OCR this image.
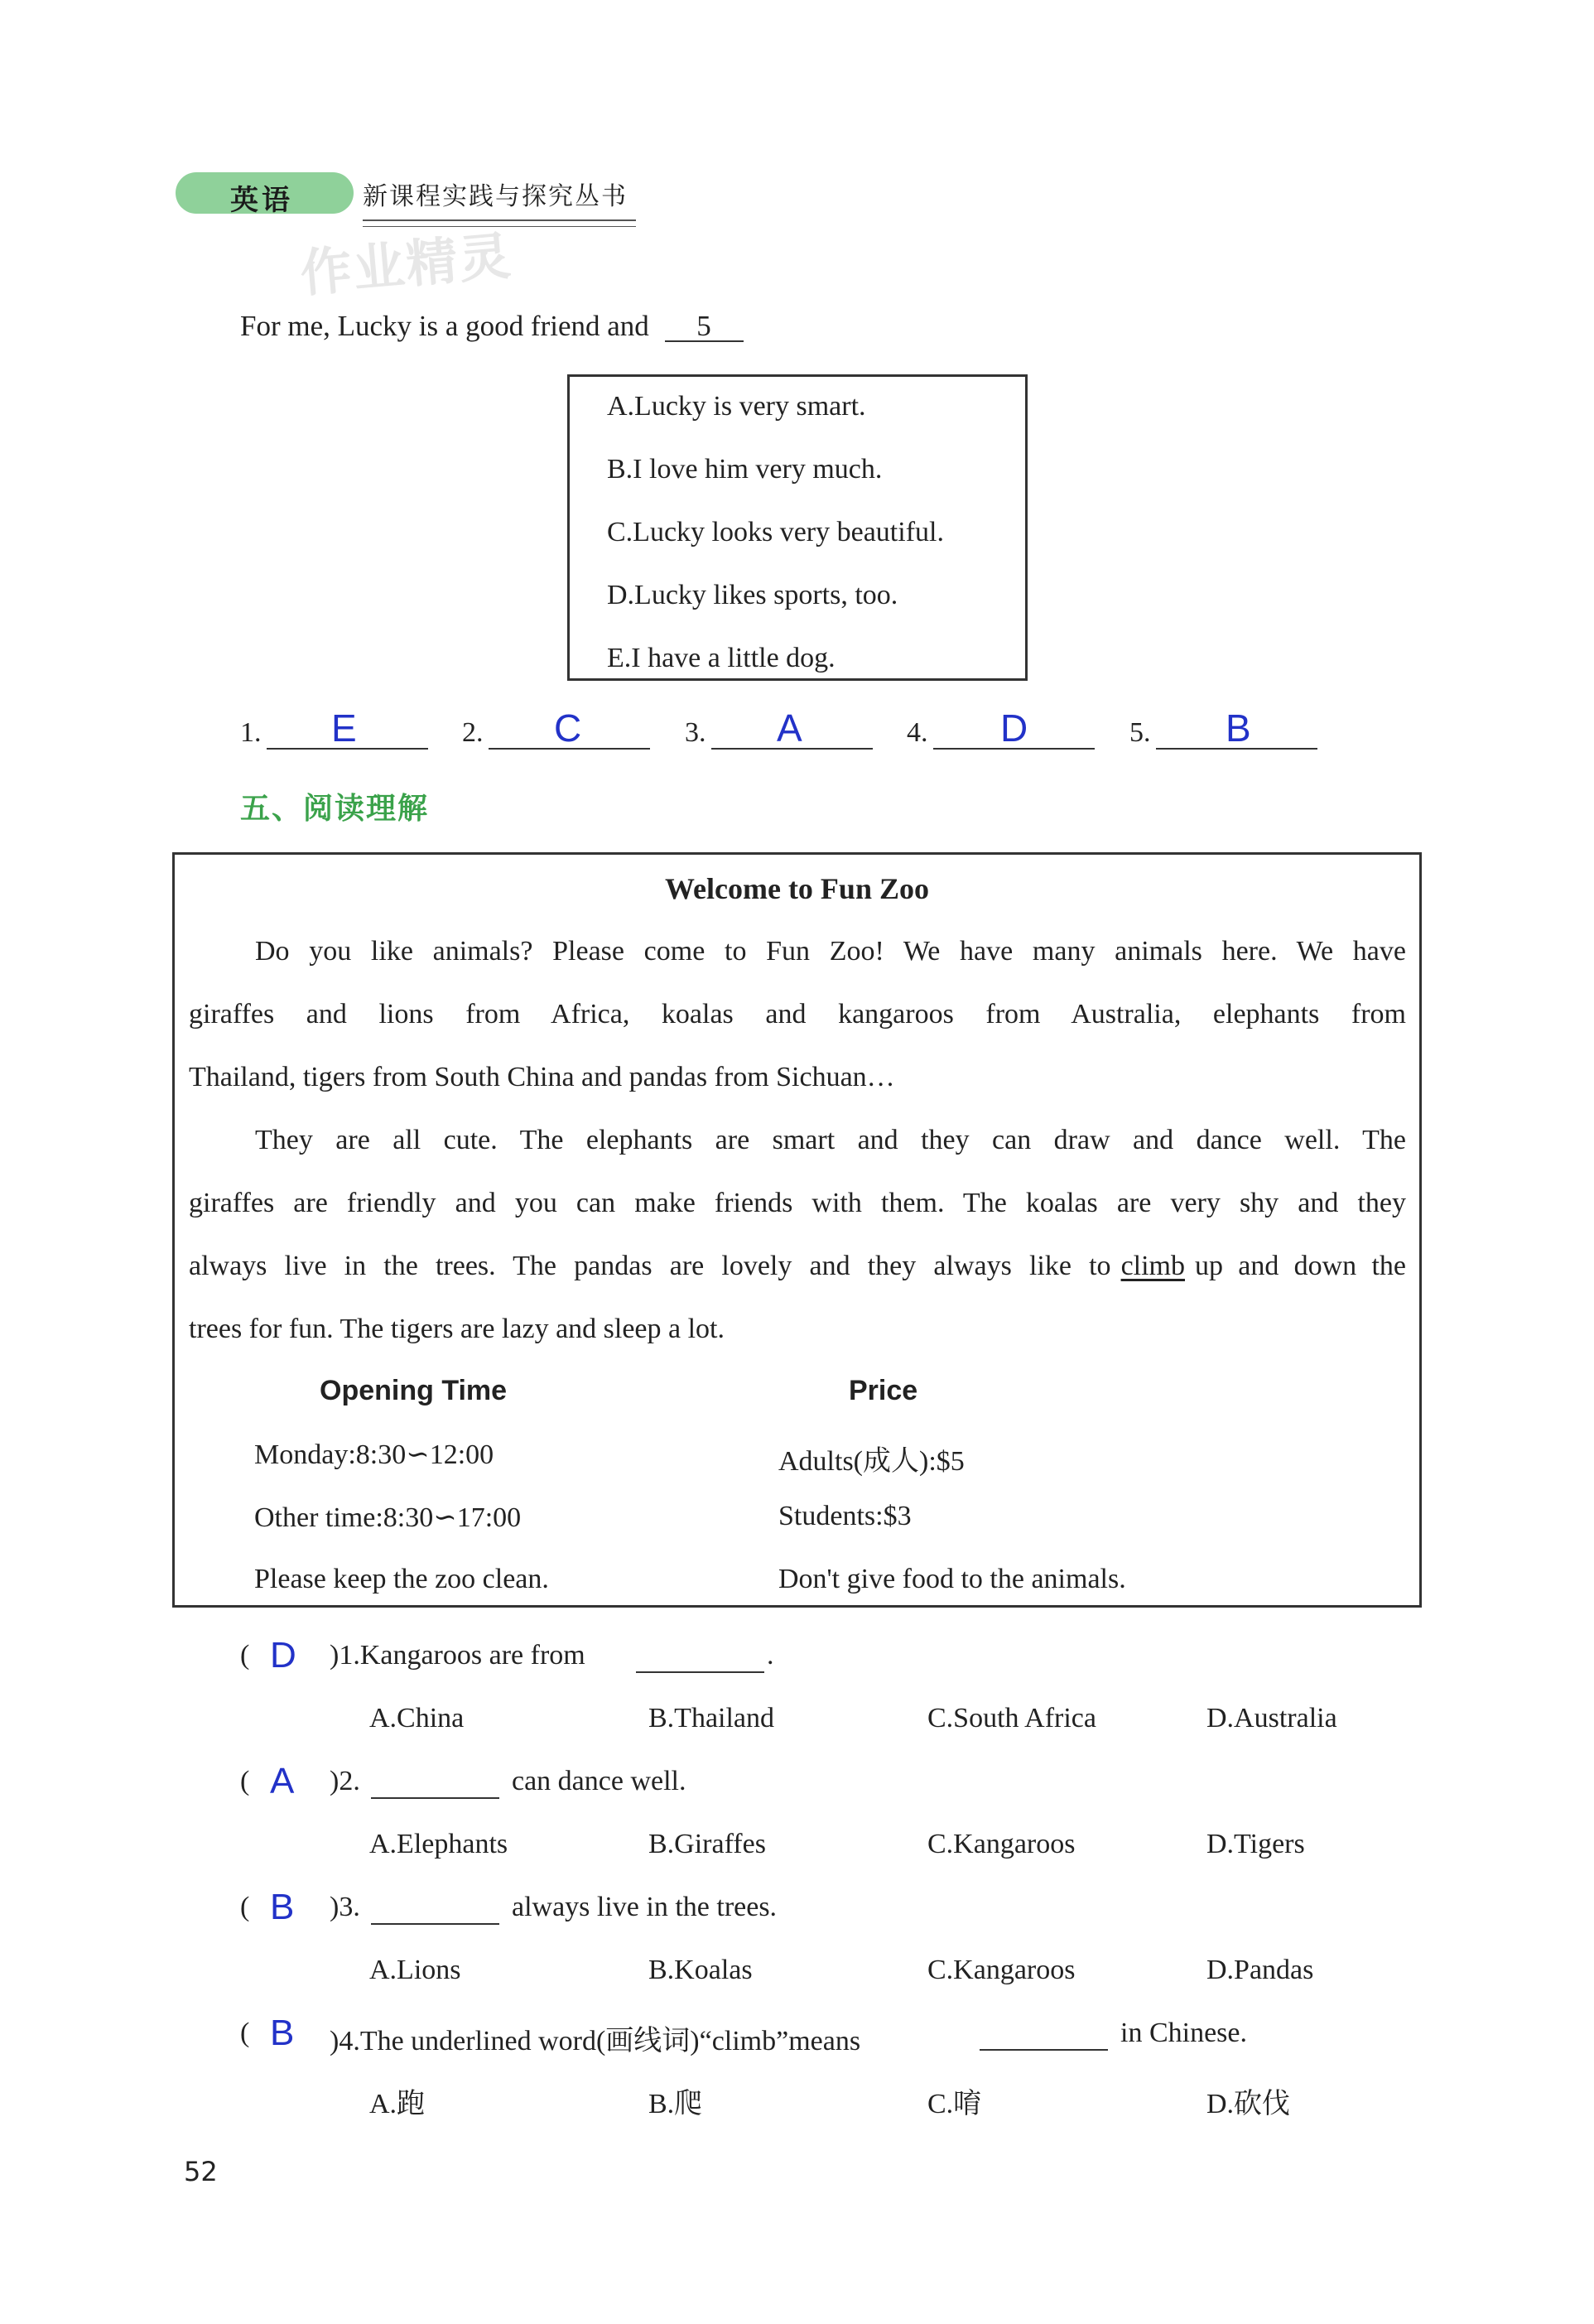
英语	新课程实践与探究丛书
作业精灵
For me, Lucky is a good friend and 5
A.Lucky is very smart.
B.I love him very much.
C.Lucky looks very beautiful.
D.Lucky likes sports, too.
E.I have a little dog.
1. E	2. C	3. A	4. D	5. B
五、阅读理解
Welcome to Fun Zoo
Do you like animals? Please come to Fun Zoo! We have many animals here. We have
giraffes and lions from Africa, koalas and kangaroos from Australia, elephants from
Thailand, tigers from South China and pandas from Sichuan…
They are all cute. The elephants are smart and they can draw and dance well. The
giraffes are friendly and you can make friends with them. The koalas are very shy and they
always live in the trees. The pandas are lovely and they always like to climb up and down the
trees for fun. The tigers are lazy and sleep a lot.
Opening Time	Price
Monday:8:30∽12:00	Adults(成人):$5
Other time:8:30∽17:00	Students:$3
Please keep the zoo clean.	Don't give food to the animals.
( D )1.Kangaroos are from	.
A.China	B.Thailand	C.South Africa	D.Australia
( A )2.	can dance well.
A.Elephants	B.Giraffes	C.Kangaroos	D.Tigers
( B )3.	always live in the trees.
A.Lions	B.Koalas	C.Kangaroos	D.Pandas
( B )4.The underlined word(画线词)“climb”means	in Chinese.
A.跑	B.爬	C.唷	D.砍伐
52
